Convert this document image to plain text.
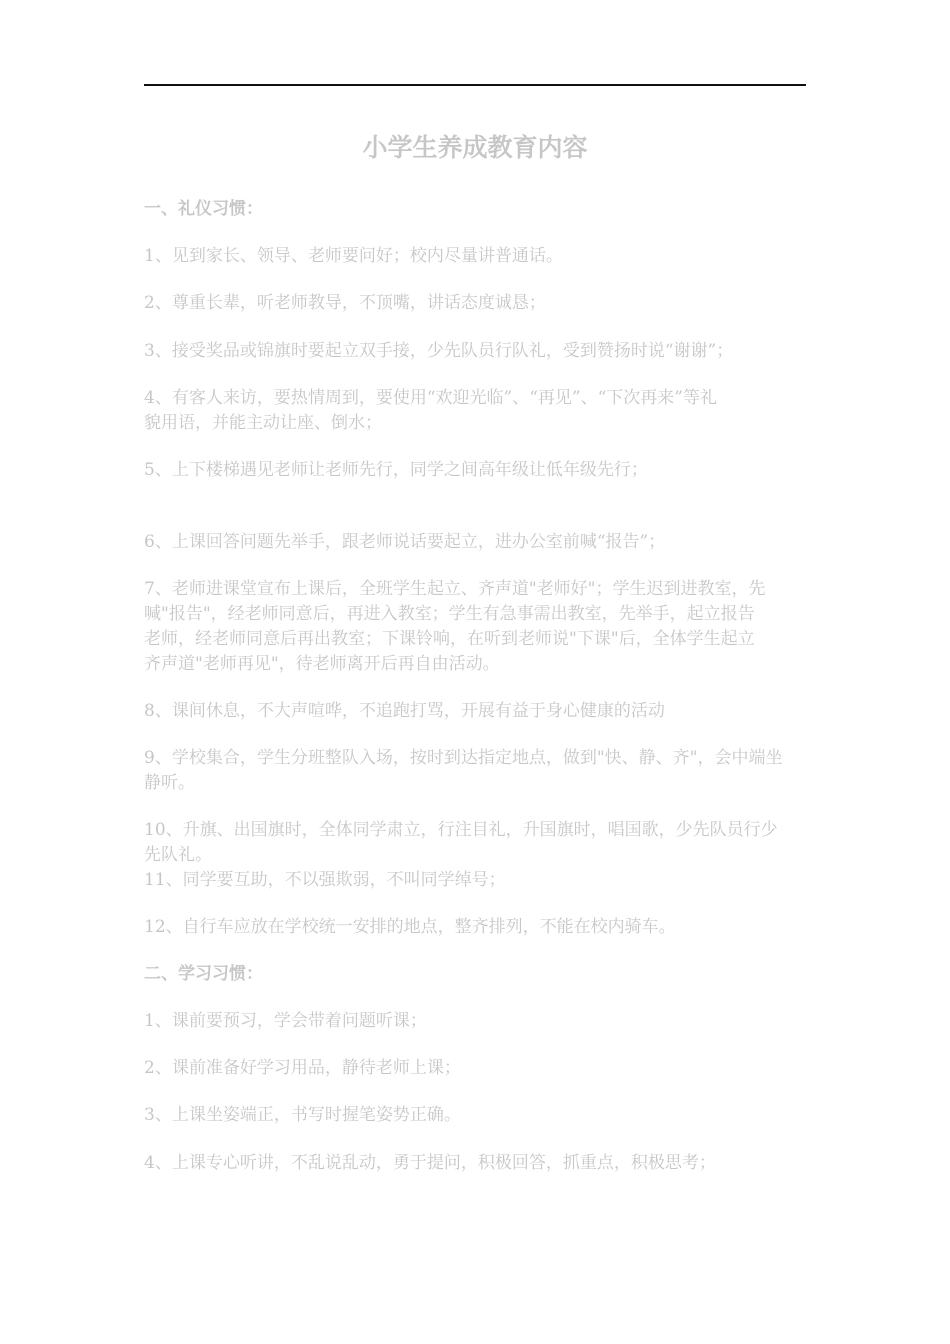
小学生养成教育内容
一、礼仪习惯：
1、见到家长、领导、老师要问好；校内尽量讲普通话。
2、尊重长辈，听老师教导，不顶嘴，讲话态度诚恳；
3、接受奖品或锦旗时要起立双手接，少先队员行队礼，受到赞扬时说“谢谢”；
4、有客人来访，要热情周到，要使用“欢迎光临”、“再见”、“下次再来”等礼
貌用语，并能主动让座、倒水；
5、上下楼梯遇见老师让老师先行，同学之间高年级让低年级先行；
6、上课回答问题先举手，跟老师说话要起立，进办公室前喊“报告”；
7、老师进课堂宣布上课后，全班学生起立、齐声道"老师好"；学生迟到进教室，先
喊"报告"，经老师同意后，再进入教室；学生有急事需出教室，先举手，起立报告
老师，经老师同意后再出教室；下课铃响，在听到老师说"下课"后，全体学生起立
齐声道"老师再见"，待老师离开后再自由活动。
8、课间休息，不大声喧哗，不追跑打骂，开展有益于身心健康的活动
9、学校集合，学生分班整队入场，按时到达指定地点，做到"快、静、齐"，会中端坐
静听。
10、升旗、出国旗时，全体同学肃立，行注目礼，升国旗时，唱国歌，少先队员行少
先队礼。
11、同学要互助，不以强欺弱，不叫同学绰号；
12、自行车应放在学校统一安排的地点，整齐排列，不能在校内骑车。
二、学习习惯：
1、课前要预习，学会带着问题听课；
2、课前准备好学习用品，静待老师上课；
3、上课坐姿端正，书写时握笔姿势正确。
4、上课专心听讲，不乱说乱动，勇于提问，积极回答，抓重点，积极思考；
